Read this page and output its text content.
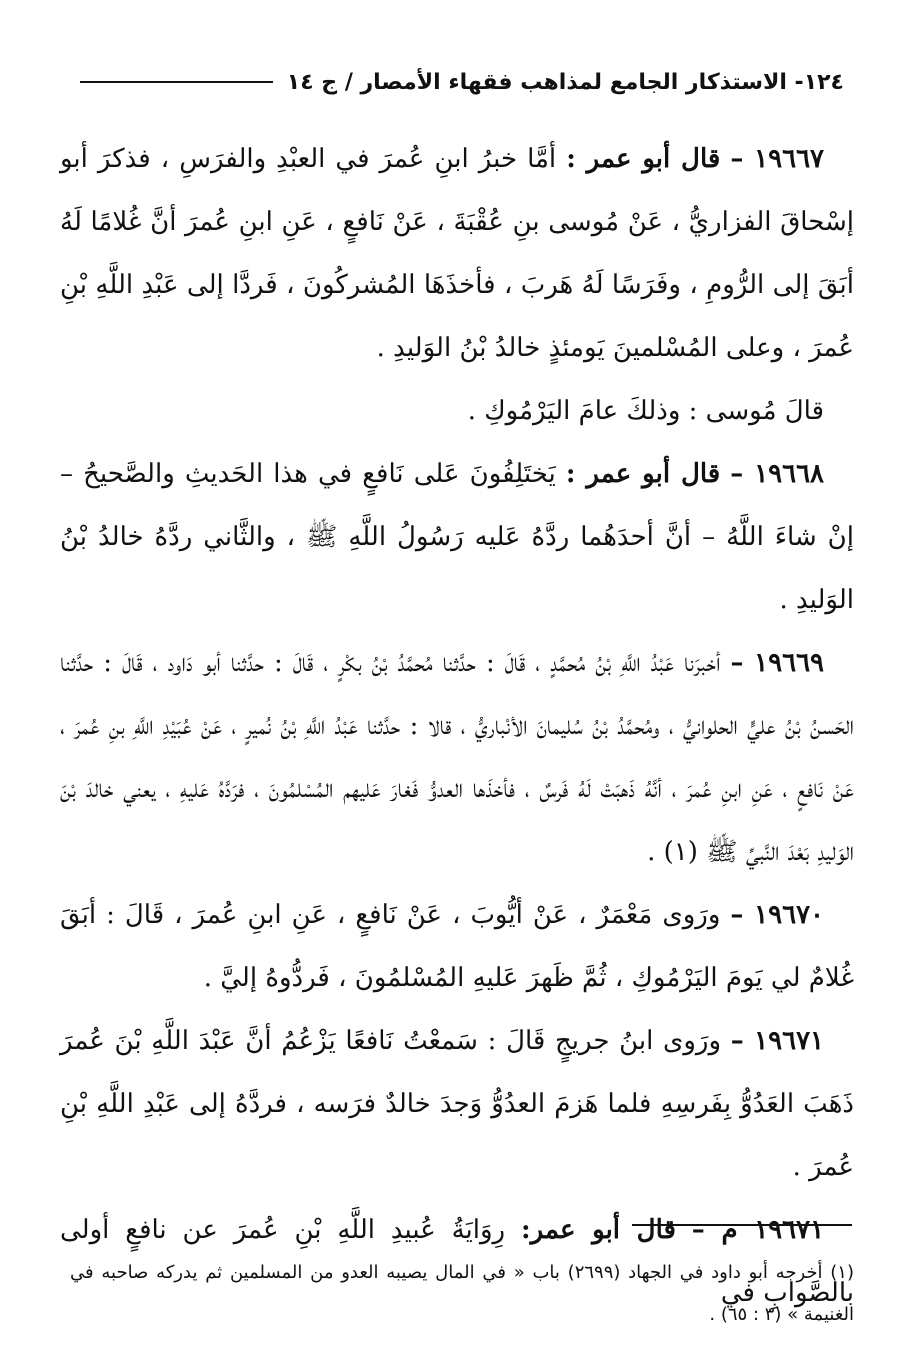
١٢٤- الاستذكار الجامع لمذاهب فقهاء الأمصار / ج ١٤

١٩٦٦٧ – قال أبو عمر : أمَّا خبرُ ابنِ عُمرَ في العبْدِ والفرَسِ ، فذكرَ أبو إسْحاقَ الفزاريُّ ، عَنْ مُوسى بنِ عُقْبَةَ ، عَنْ نَافعٍ ، عَنِ ابنِ عُمرَ أنَّ غُلامًا لَهُ أبَقَ إلى الرُّومِ ، وفَرَسًا لَهُ هَربَ ، فأخذَهَا المُشركُونَ ، فَردَّا إلى عَبْدِ اللَّهِ بْنِ عُمرَ ، وعلى المُسْلمينَ يَومئذٍ خالدُ بْنُ الوَليدِ .

قالَ مُوسى : وذلكَ عامَ اليَرْمُوكِ .

١٩٦٦٨ – قال أبو عمر : يَختَلِفُونَ عَلى نَافعٍ في هذا الحَديثِ والصَّحيحُ – إنْ شاءَ اللَّهُ – أنَّ أحدَهُما ردَّهُ عَليه رَسُولُ اللَّهِ ﷺ ، والثَّاني ردَّهُ خالدُ بْنُ الوَليدِ .

١٩٦٦٩ – أخبرَنا عَبْدُ اللَّهِ بْنُ مُحمَّدٍ ، قَالَ : حدَّثنا مُحمَّدُ بْنُ بكْرٍ ، قَالَ : حدَّثنا أبو دَاود ، قَالَ : حدَّثنا الحَسنُ بْنُ عليٍّ الحلوانيُّ ، ومُحمَّدُ بْنُ سُليمانَ الأنْباريُّ ، قالا : حدَّثنا عَبْدُ اللَّهِ بْنُ نُميرٍ ، عَنْ عُبَيْدِ اللَّهِ بنِ عُمرَ ، عَنْ نَافعٍ ، عَنِ ابنِ عُمرَ ، أنَّهُ ذَهبَتْ لَهُ فَرسٌ ، فأخذَها العدوُّ فَغارَ عَليهم المُسْلمُونَ ، فرَدَّهُ عَليهِ ، يعني خالدَ بْنَ الوَليدِ بَعْدَ النَّبيِّ ﷺ (١) .

١٩٦٧٠ – ورَوى مَعْمَرٌ ، عَنْ أيُّوبَ ، عَنْ نَافعٍ ، عَنِ ابنِ عُمرَ ، قَالَ : أبَقَ غُلامٌ لي يَومَ اليَرْمُوكِ ، ثُمَّ ظَهرَ عَليهِ المُسْلمُونَ ، فَردُّوهُ إليَّ .

١٩٦٧١ – ورَوى ابنُ جريجٍ قَالَ : سَمعْتُ نَافعًا يَزْعُمُ أنَّ عَبْدَ اللَّهِ بْنَ عُمرَ ذَهَبَ العَدُوُّ بِفَرسِهِ فلما هَزمَ العدُوُّ وَجدَ خالدٌ فرَسه ، فردَّهُ إلى عَبْدِ اللَّهِ بْنِ عُمرَ .

١٩٦٧١ م – قال أبو عمر: رِوَايَةُ عُبيدِ اللَّهِ بْنِ عُمرَ عن نافعٍ أولى بالصَّوابِ في

(١) أخرجه أبو داود في الجهاد (٢٦٩٩) باب « في المال يصيبه العدو من المسلمين ثم يدركه صاحبه في الغنيمة » (٣ : ٦٥) .
